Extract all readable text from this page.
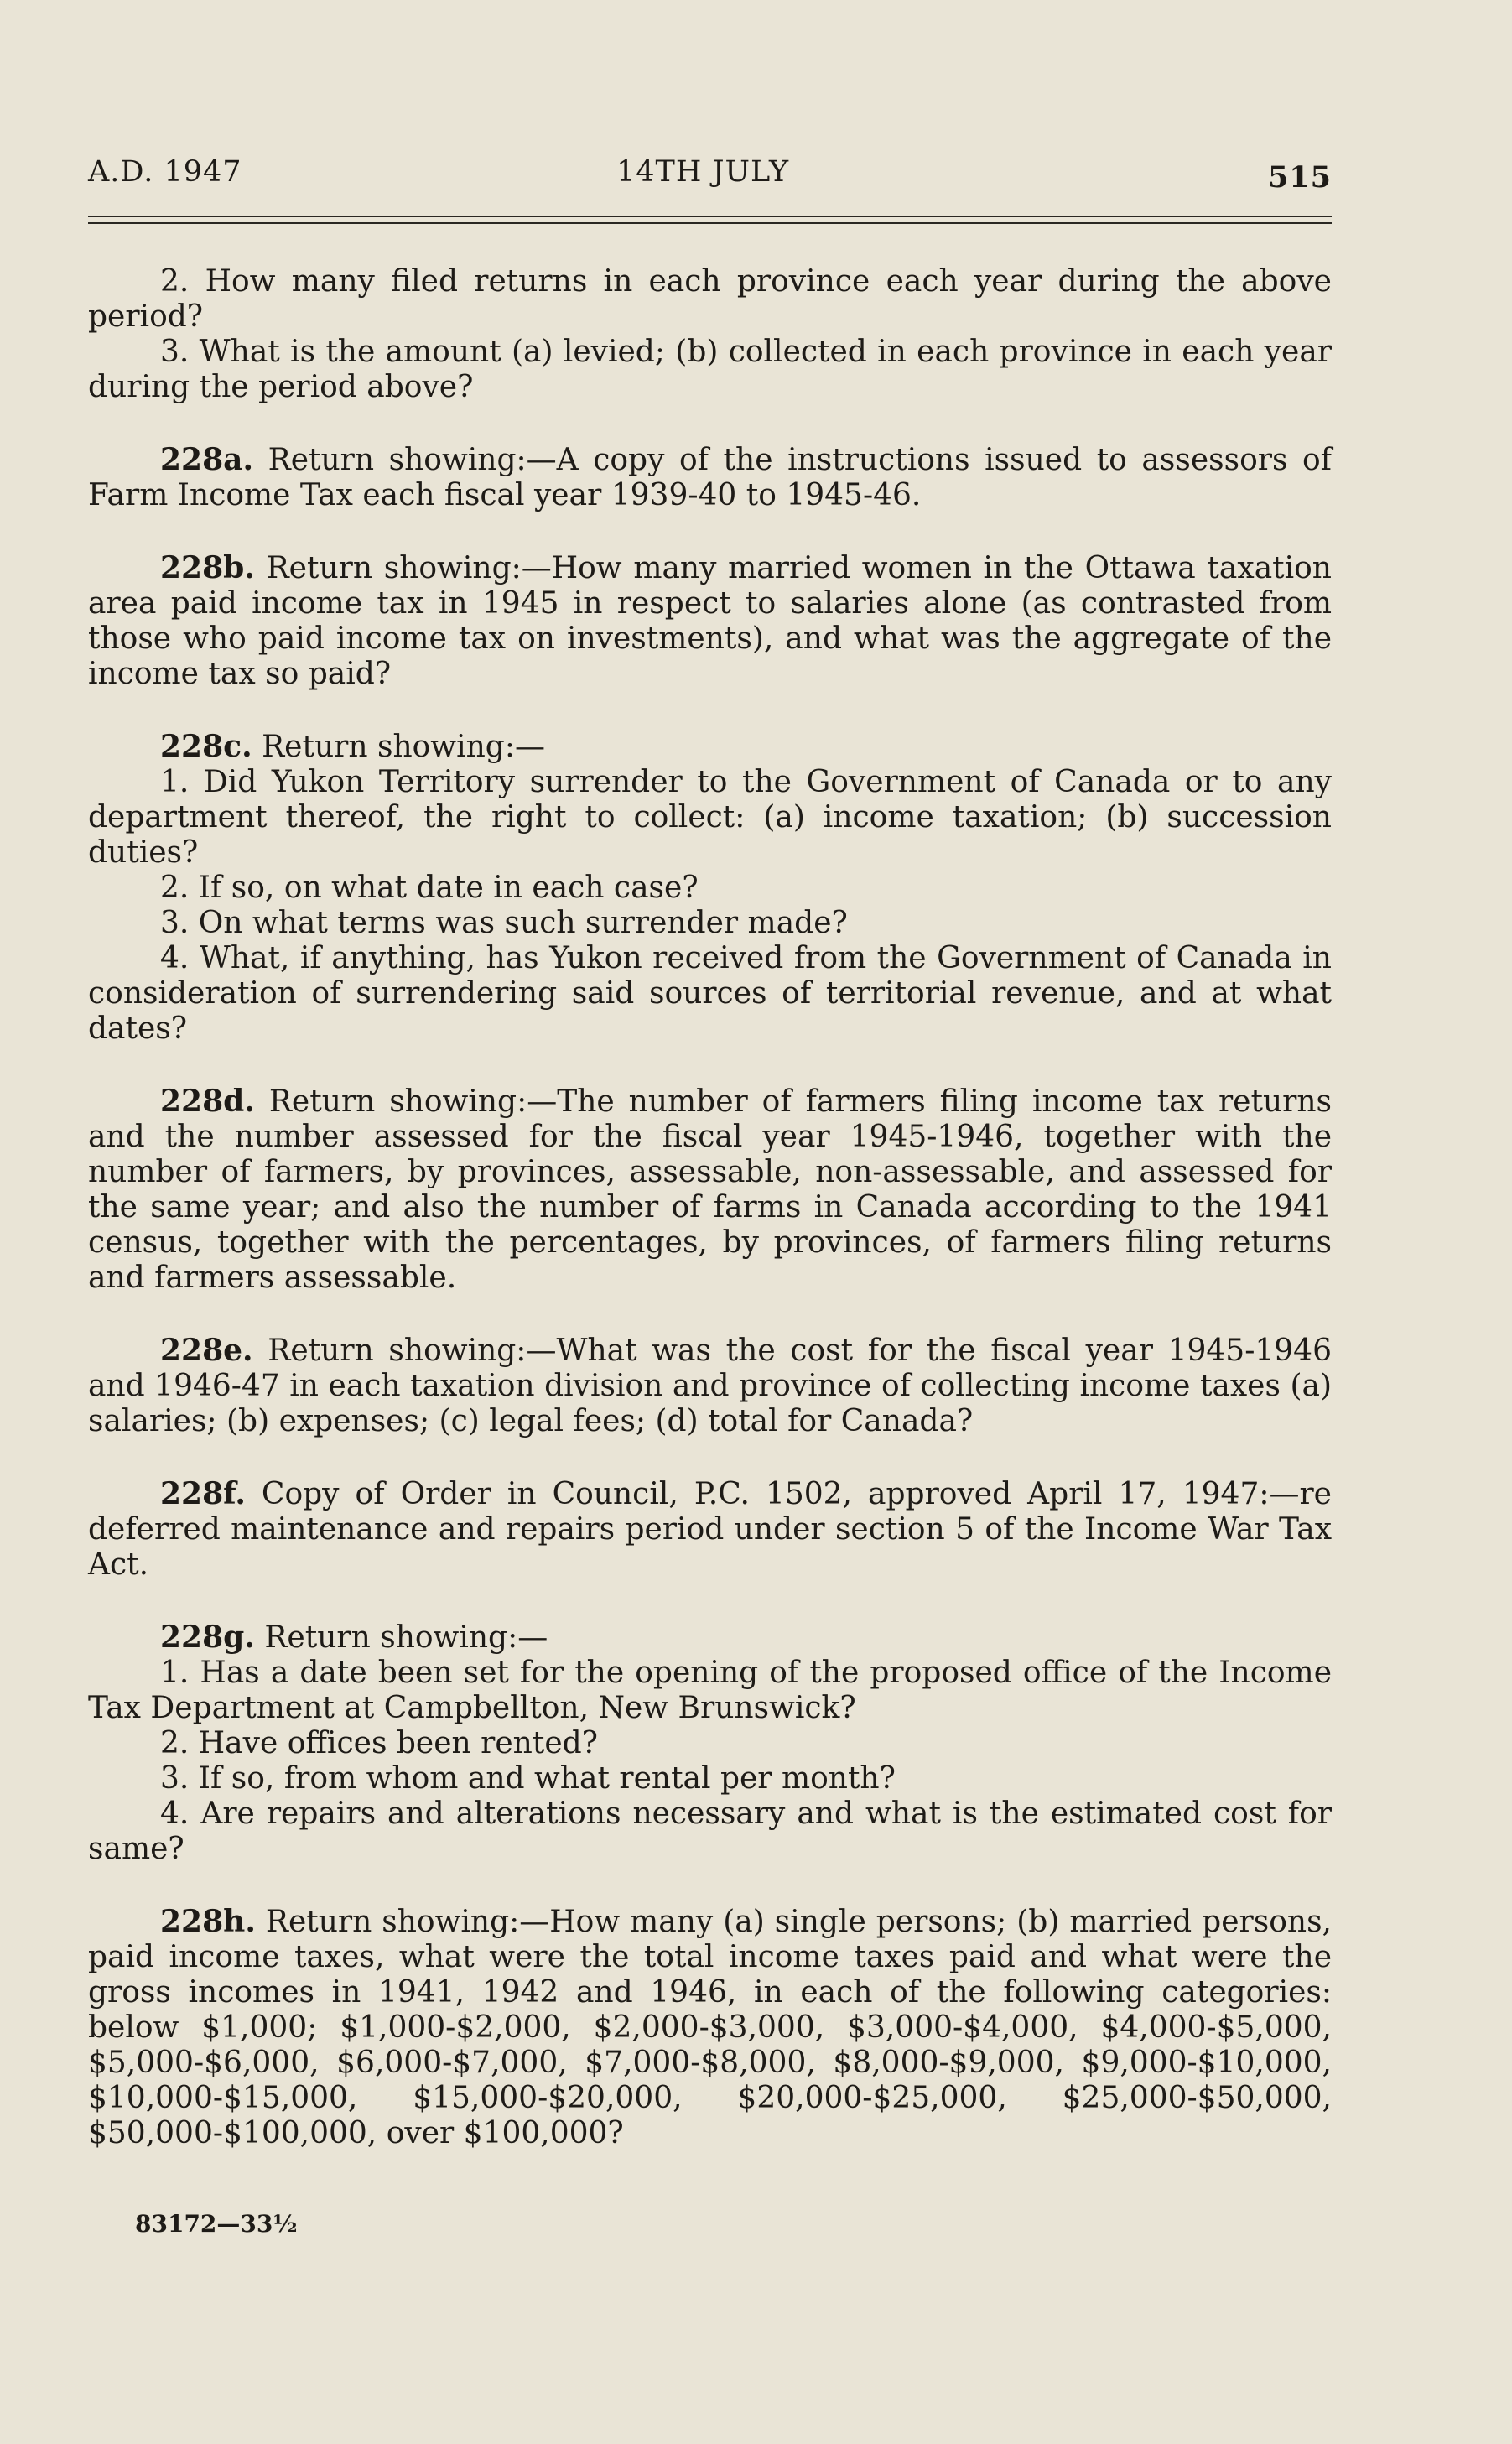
A.D. 1947	14TH JULY	515

2. How many filed returns in each province each year during the above period?

3. What is the amount (a) levied; (b) collected in each province in each year during the period above?

228a. Return showing:—A copy of the instructions issued to assessors of Farm Income Tax each fiscal year 1939-40 to 1945-46.

228b. Return showing:—How many married women in the Ottawa taxation area paid income tax in 1945 in respect to salaries alone (as contrasted from those who paid income tax on investments), and what was the aggregate of the income tax so paid?

228c. Return showing:—

1. Did Yukon Territory surrender to the Government of Canada or to any department thereof, the right to collect: (a) income taxation; (b) succession duties?

2. If so, on what date in each case?

3. On what terms was such surrender made?

4. What, if anything, has Yukon received from the Government of Canada in consideration of surrendering said sources of territorial revenue, and at what dates?

228d. Return showing:—The number of farmers filing income tax returns and the number assessed for the fiscal year 1945-1946, together with the number of farmers, by provinces, assessable, non-assessable, and assessed for the same year; and also the number of farms in Canada according to the 1941 census, together with the percentages, by provinces, of farmers filing returns and farmers assessable.

228e. Return showing:—What was the cost for the fiscal year 1945-1946 and 1946-47 in each taxation division and province of collecting income taxes (a) salaries; (b) expenses; (c) legal fees; (d) total for Canada?

228f. Copy of Order in Council, P.C. 1502, approved April 17, 1947:—re deferred maintenance and repairs period under section 5 of the Income War Tax Act.

228g. Return showing:—

1. Has a date been set for the opening of the proposed office of the Income Tax Department at Campbellton, New Brunswick?

2. Have offices been rented?

3. If so, from whom and what rental per month?

4. Are repairs and alterations necessary and what is the estimated cost for same?

228h. Return showing:—How many (a) single persons; (b) married persons, paid income taxes, what were the total income taxes paid and what were the gross incomes in 1941, 1942 and 1946, in each of the following categories: below $1,000; $1,000-$2,000, $2,000-$3,000, $3,000-$4,000, $4,000-$5,000, $5,000-$6,000, $6,000-$7,000, $7,000-$8,000, $8,000-$9,000, $9,000-$10,000, $10,000-$15,000, $15,000-$20,000, $20,000-$25,000, $25,000-$50,000, $50,000-$100,000, over $100,000?

83172—33½
